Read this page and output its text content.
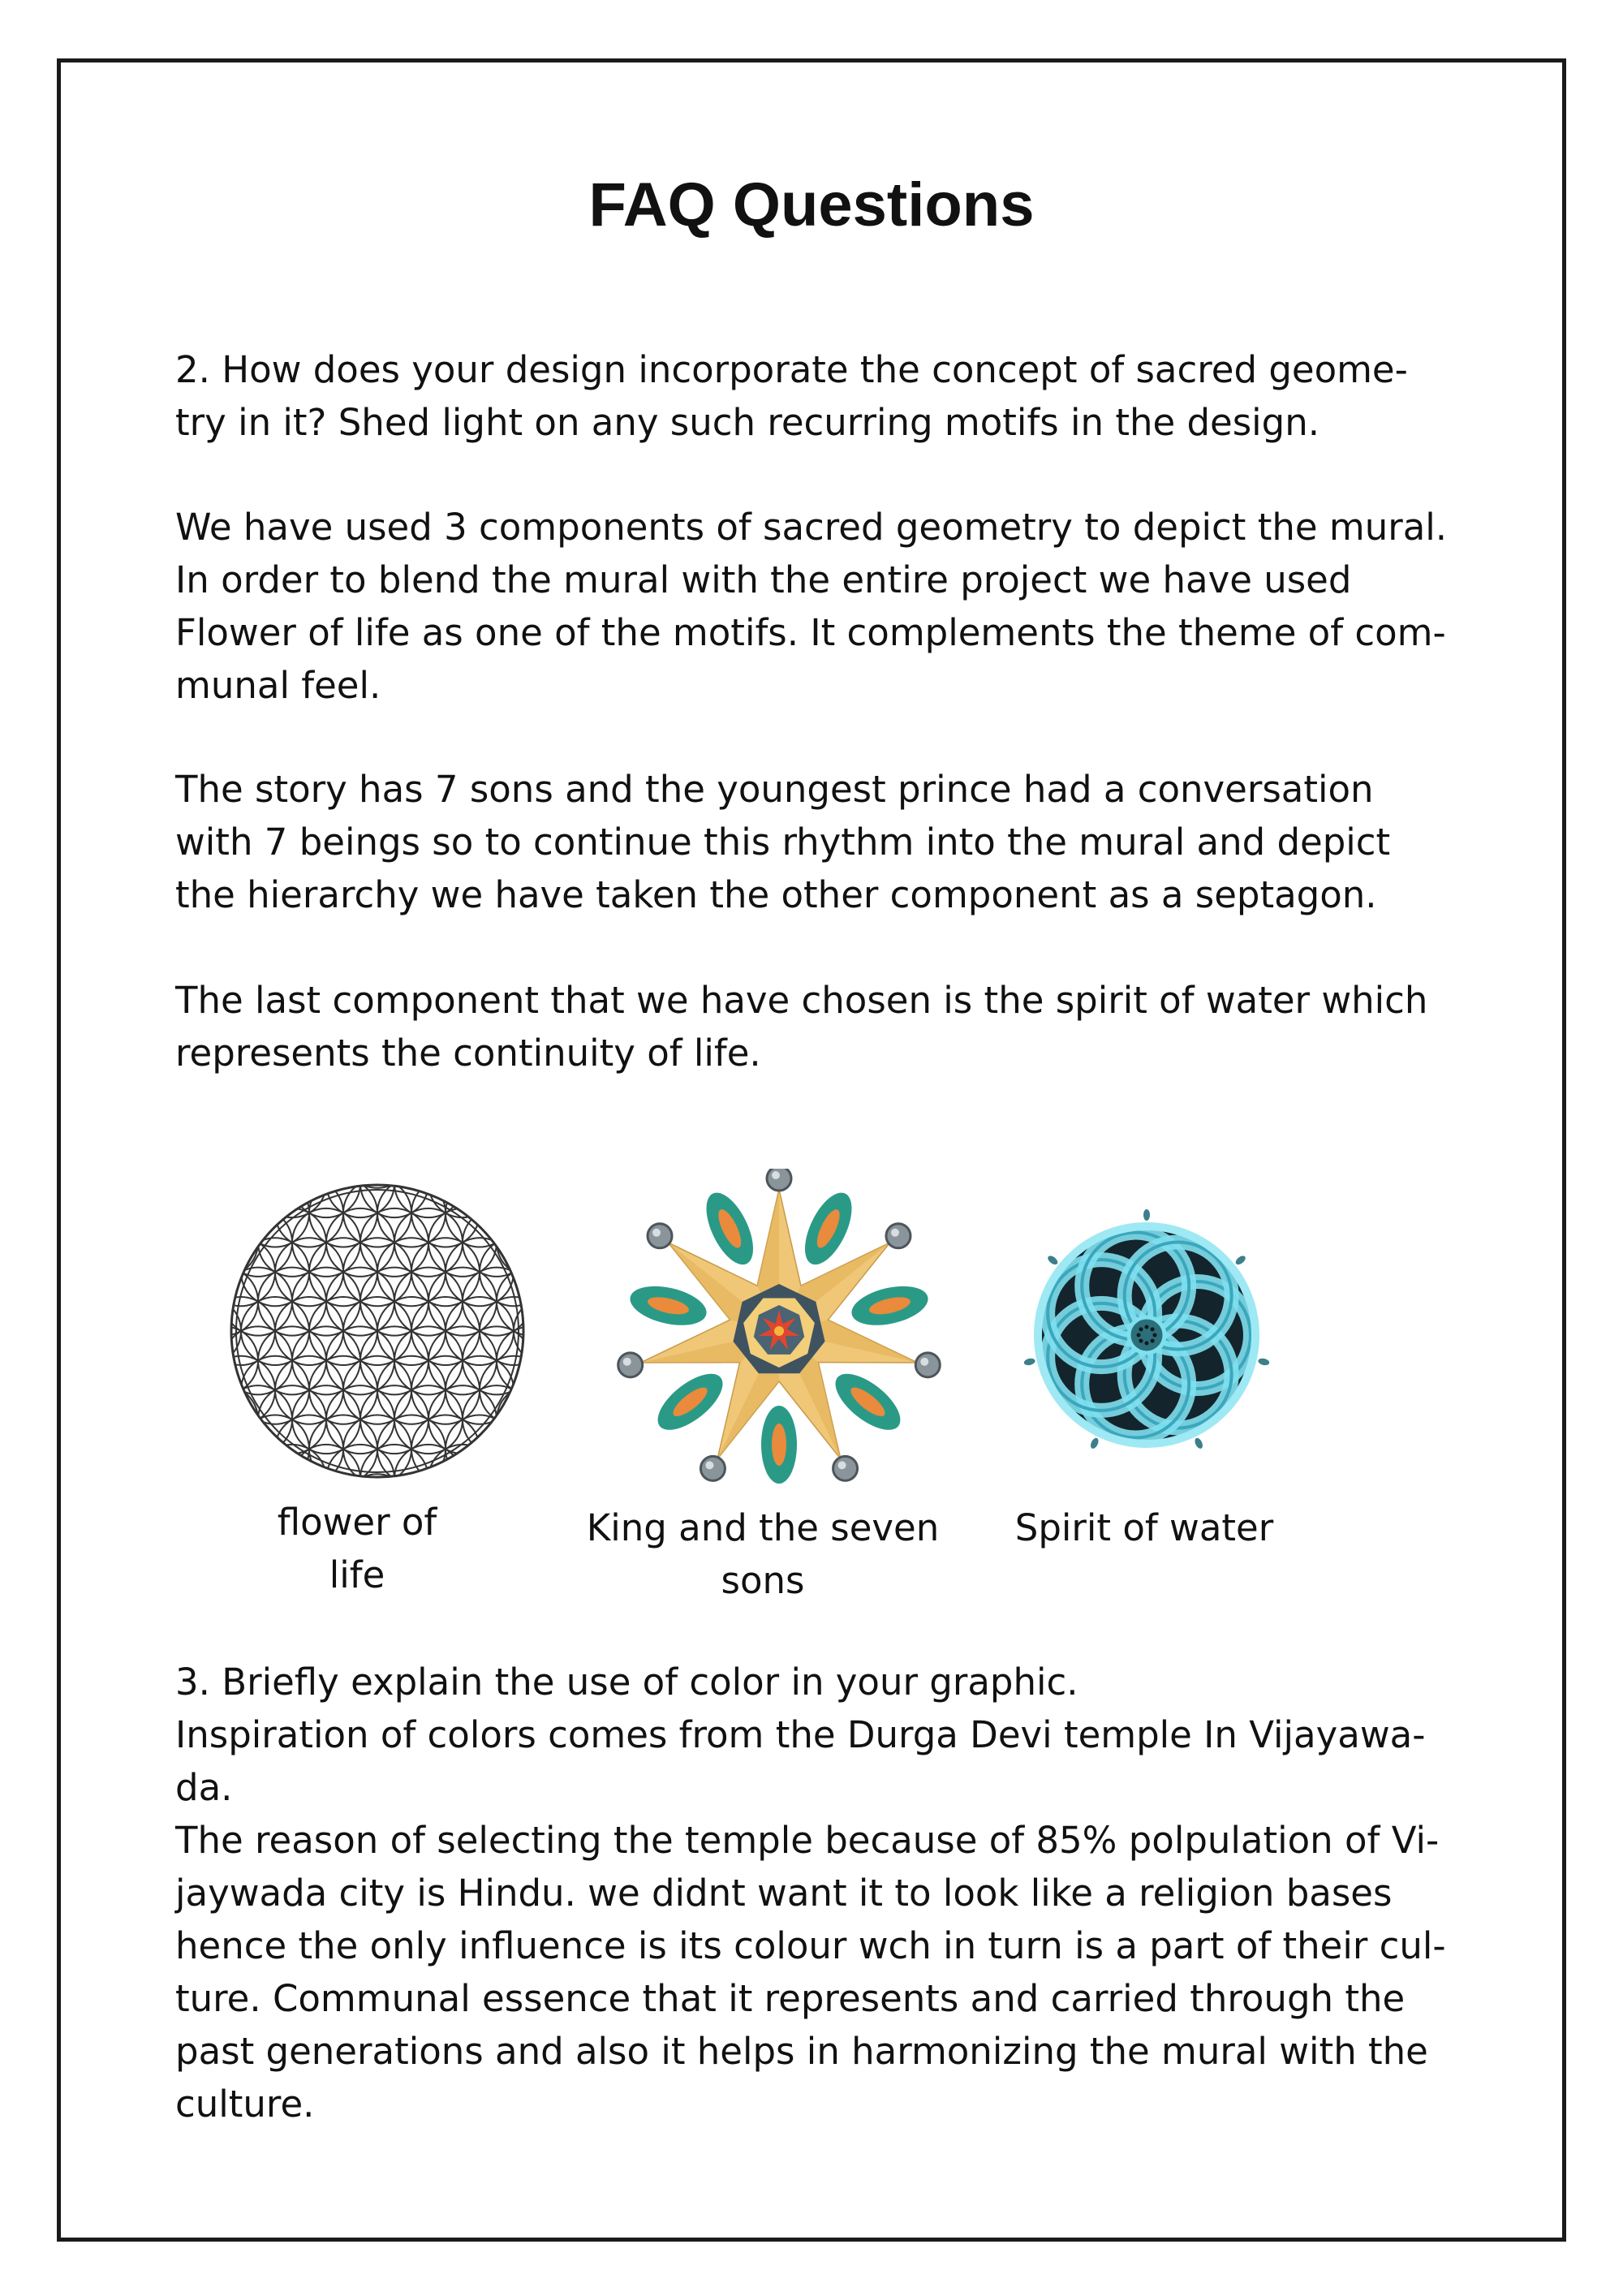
FAQ Questions

2. How does your design incorporate the concept of sacred geome-
try in it? Shed light on any such recurring motifs in the design.

We have used 3 components of sacred geometry to depict the mural.
In order to blend the mural with the entire project we have used
Flower of life as one of the motifs. It complements the theme of com-
munal feel.

The story has 7 sons and the youngest prince had a conversation
with 7 beings so to continue this rhythm into the mural and depict
the hierarchy we have taken the other component as a septagon.

The last component that we have chosen is the spirit of water which
represents the continuity of life.

flower of
life

King and the seven
sons

Spirit of water

3. Briefly explain the use of color in your graphic.
Inspiration of colors comes from the Durga Devi temple In Vijayawa-
da.
The reason of selecting the temple because of 85% polpulation of Vi-
jaywada city is Hindu. we didnt want it to look like a religion bases
hence the only influence is its colour wch in turn is a part of their cul-
ture. Communal essence that it represents and carried through the
past generations and also it helps in harmonizing the mural with the
culture.
